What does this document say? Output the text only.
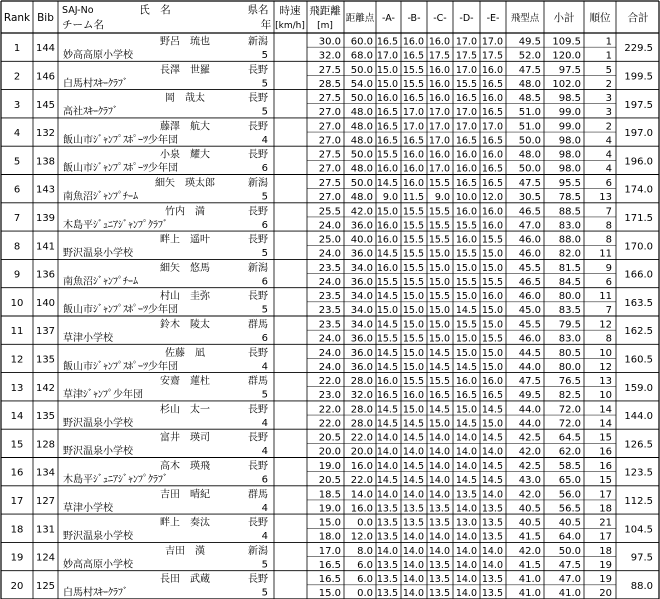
Rank Bib
SAJ-No	氏　名
チーム名
県名
年
時速
[km/h]
飛距離
[m]
距離点 -A- -B- -C- -D- -E- 飛型点 小計 順位 合計
1 144
野呂　琉也
妙高高原小学校
新潟
5
229.5
30.0 60.0 16.5 16.0 16.0 17.0 17.0 49.5 109.5 1
32.0 68.0 17.0 16.5 17.5 17.5 17.5 52.0 120.0 1
2 146
長澤　世羅
白馬村ｽｷｰｸﾗﾌﾞ
長野
5
199.5
27.5 50.0 15.0 15.5 16.0 17.0 16.0 47.5 97.5 5
28.5 54.0 15.0 15.5 16.0 15.5 16.5 48.0 102.0 2
3 145
岡　哉太
高社ｽｷｰｸﾗﾌﾞ
長野
5
197.5
27.5 50.0 16.0 16.5 16.0 16.5 16.0 48.5 98.5 3
27.0 48.0 16.5 17.0 17.0 17.0 16.5 51.0 99.0 3
4 132
藤澤　航大
飯山市ｼﾞｬﾝﾌﾟｽﾎﾟｰﾂ少年団
長野
4
197.0
27.0 48.0 16.5 17.0 17.0 17.0 17.0 51.0 99.0 2
27.0 48.0 16.5 16.5 17.0 16.5 16.5 50.0 98.0 4
5 138
小泉　耀大
飯山市ｼﾞｬﾝﾌﾟｽﾎﾟｰﾂ少年団
長野
6
196.0
27.5 50.0 15.5 16.0 16.0 16.0 16.0 48.0 98.0 4
27.0 48.0 16.0 16.0 17.0 16.0 16.5 50.0 98.0 4
6 143
細矢　瑛太郎
南魚沼ｼﾞｬﾝﾌﾟﾁｰﾑ
新潟
5
174.0
27.5 50.0 14.5 16.0 15.5 16.5 16.5 47.5 95.5 6
27.0 48.0 9.0 11.5 9.0 10.0 12.0 30.5 78.5 13
7 139
竹内　満
木島平ｼﾞｭﾆｱｼﾞｬﾝﾌﾟｸﾗﾌﾞ
長野
6
171.5
25.5 42.0 15.0 15.5 15.5 16.0 16.0 46.5 88.5 7
24.0 36.0 16.0 15.5 15.5 15.5 16.0 47.0 83.0 8
8 141
畔上　遥叶
野沢温泉小学校
長野
5
170.0
25.0 40.0 16.0 15.5 15.5 16.0 15.5 46.0 88.0 8
24.0 36.0 14.5 15.5 15.0 15.5 15.0 46.0 82.0 11
9 136
細矢　悠馬
南魚沼ｼﾞｬﾝﾌﾟﾁｰﾑ
新潟
6
166.0
23.5 34.0 16.0 15.5 15.0 15.0 15.0 45.5 81.5 9
24.0 36.0 15.5 15.5 15.0 15.5 15.5 46.5 84.5 6
10 140
村山　圭弥
飯山市ｼﾞｬﾝﾌﾟｽﾎﾟｰﾂ少年団
長野
5
163.5
23.5 34.0 14.5 15.0 15.5 15.0 16.0 46.0 80.0 11
23.5 34.0 15.0 15.0 15.0 14.5 15.0 45.0 83.5 7
11 137
鈴木　陵太
草津小学校
群馬
6
162.5
23.5 34.0 14.5 15.0 15.0 15.5 15.0 45.5 79.5 12
24.0 36.0 15.5 15.5 15.0 15.0 15.5 46.0 83.0 8
12 135
佐藤　凪
飯山市ｼﾞｬﾝﾌﾟｽﾎﾟｰﾂ少年団
長野
4
160.5
24.0 36.0 14.5 15.0 14.5 15.0 15.0 44.5 80.5 10
24.0 36.0 14.5 15.0 14.5 14.5 15.0 44.0 80.0 12
13 142
安齋　蓮杜
草津ｼﾞｬﾝﾌﾟ少年団
群馬
5
159.0
22.0 28.0 16.0 15.5 15.5 16.0 16.0 47.5 76.5 13
23.0 32.0 16.5 16.0 16.5 16.5 16.5 49.5 82.5 10
14 135
杉山　太一
野沢温泉小学校
長野
4
144.0
22.0 28.0 14.5 15.0 14.5 15.0 14.5 44.0 72.0 14
22.0 28.0 14.5 14.5 15.0 14.5 15.0 44.0 72.0 14
15 128
富井　瑛司
野沢温泉小学校
長野
4
126.5
20.5 22.0 14.0 14.5 14.0 14.0 14.5 42.5 64.5 15
20.0 20.0 14.0 14.0 14.0 14.0 14.0 42.0 62.0 16
16 134
高木　瑛飛
木島平ｼﾞｭﾆｱｼﾞｬﾝﾌﾟｸﾗﾌﾞ
長野
6
123.5
19.0 16.0 14.0 14.5 14.0 14.0 14.5 42.5 58.5 16
20.5 22.0 14.5 14.5 14.0 14.5 14.5 43.0 65.0 15
17 127
吉田　晴紀
草津小学校
群馬
4
112.5
18.5 14.0 14.0 14.0 14.0 13.5 14.0 42.0 56.0 17
19.0 16.0 13.5 13.5 13.5 14.0 13.5 40.5 56.5 18
18 131
畔上　奏汰
野沢温泉小学校
長野
4
104.5
15.0 0.0 13.5 13.5 13.5 13.0 13.5 40.5 40.5 21
18.0 12.0 13.5 14.0 14.0 14.0 13.5 41.5 64.0 17
19 124
吉田　漢
妙高高原小学校
新潟
5
97.5
17.0 8.0 14.0 14.0 14.0 14.0 14.0 42.0 50.0 18
16.5 6.0 13.5 14.0 13.5 14.0 14.0 41.5 47.5 19
20 125
長田　武蔵
白馬村ｽｷｰｸﾗﾌﾞ
長野
5
88.0
16.5 6.0 13.5 14.0 13.5 14.0 13.5 41.0 47.0 19
15.0 0.0 13.5 14.0 13.5 14.0 13.5 41.0 41.0 20
